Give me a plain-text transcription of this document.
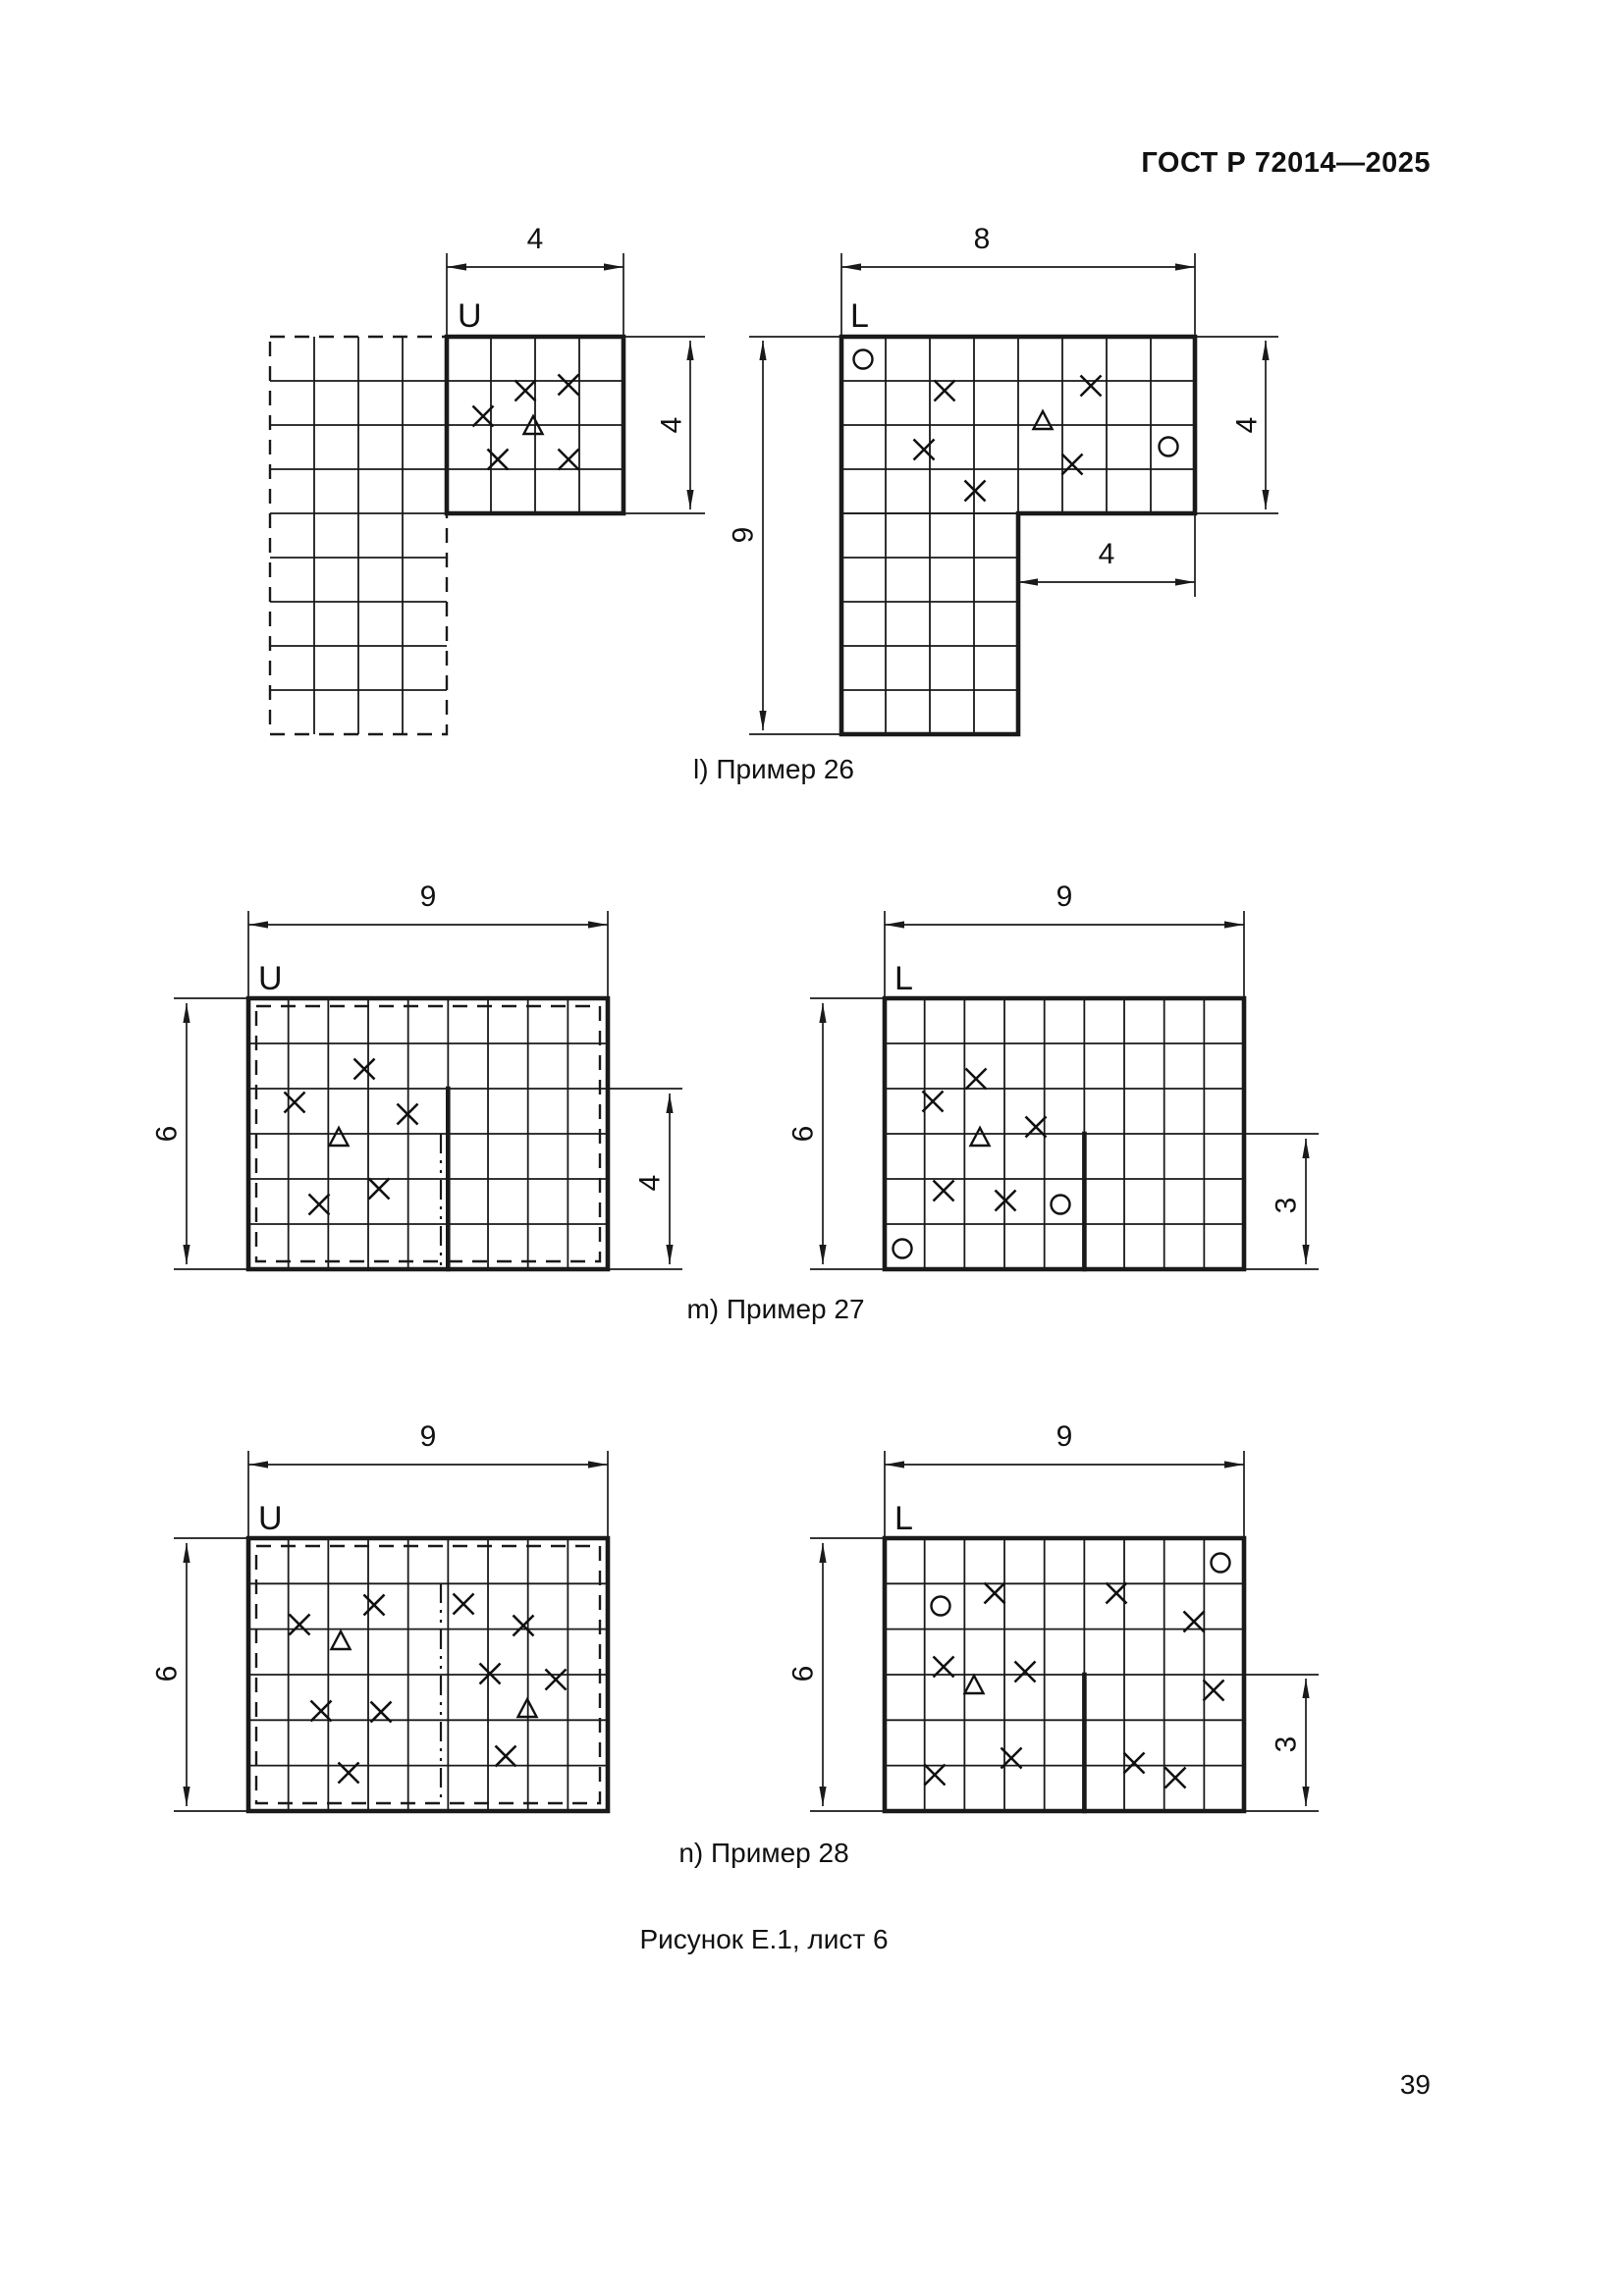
ГОСТ Р 72014—2025
4
4
U
8
9
4
4
L
9
6
4
U
9
6
3
L
9
6
U
9
6
3
L
l) Пример 26
m) Пример 27
n) Пример 28
Рисунок Е.1, лист 6
39
